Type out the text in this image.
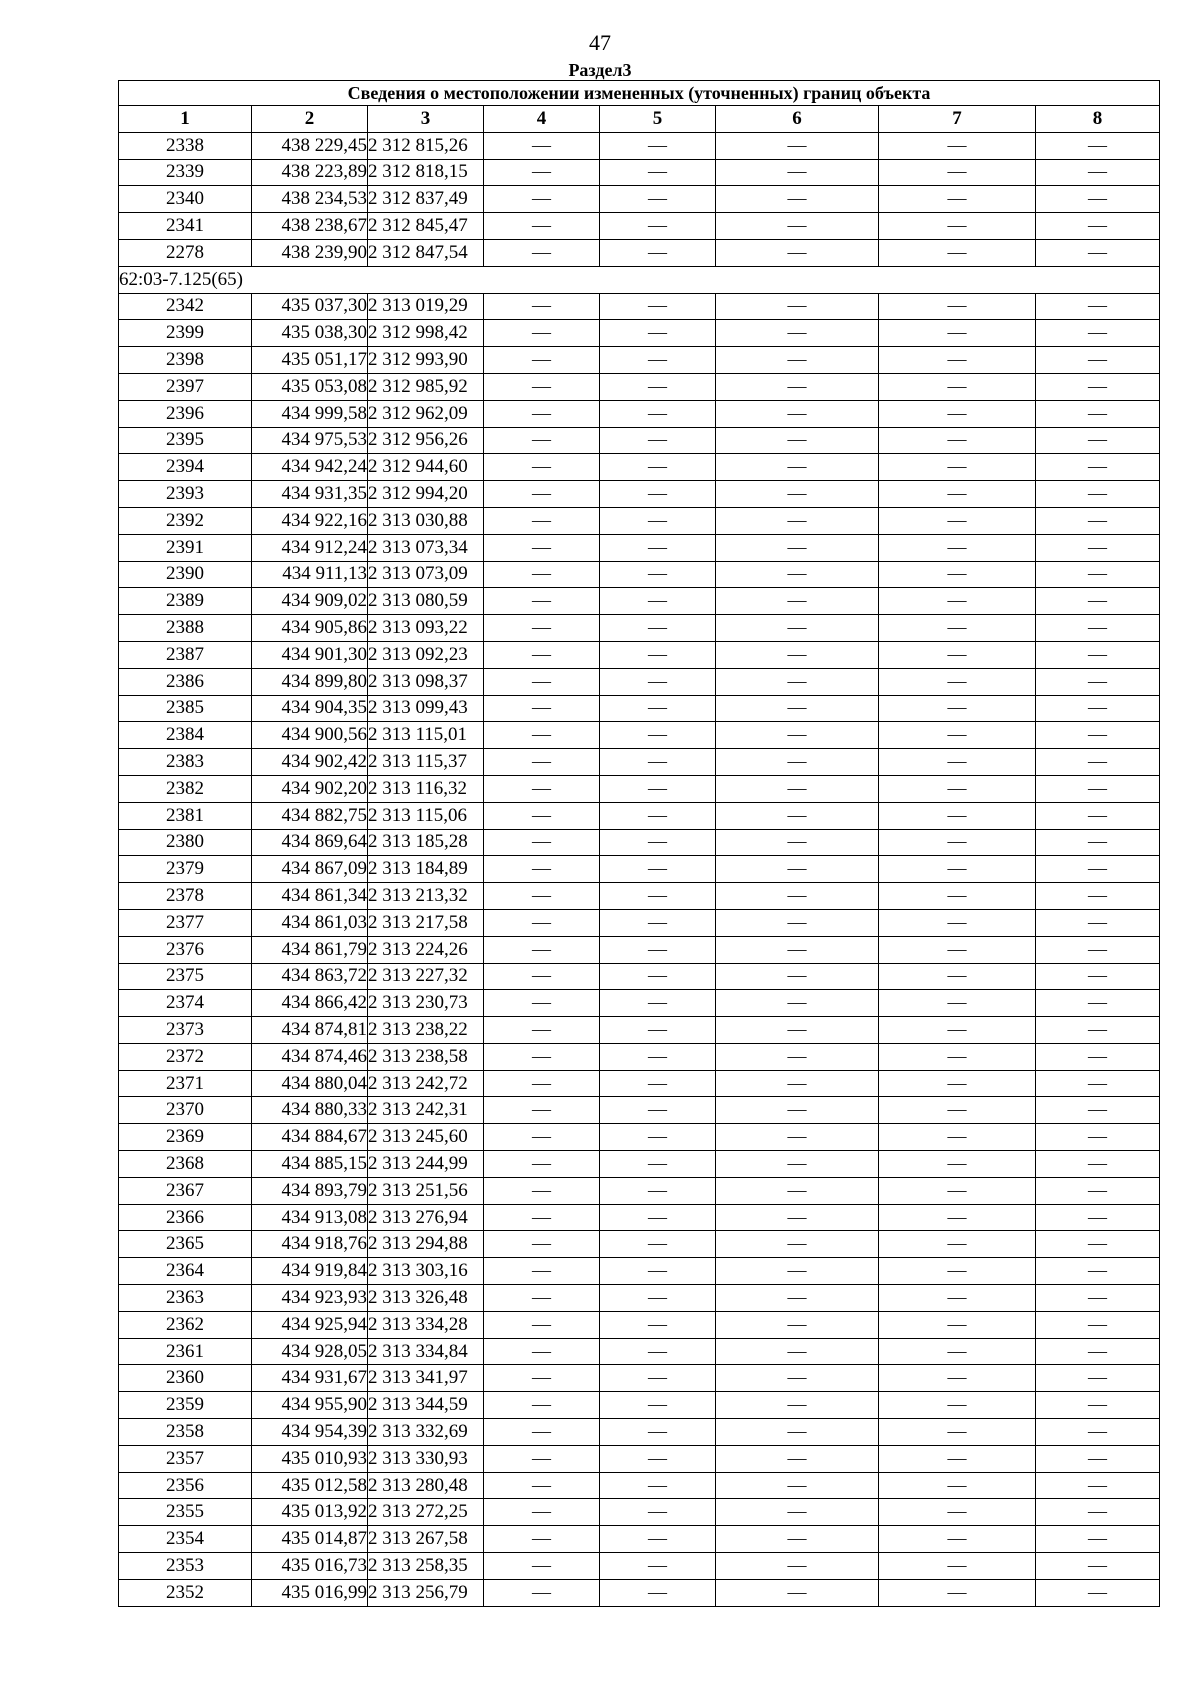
47
Раздел3
Сведения о местоположении измененных (уточненных) границ объекта							
1	2	3	4	5	6	7	8
2338	438 229,45	2 312 815,26	—	—	—	—	—
2339	438 223,89	2 312 818,15	—	—	—	—	—
2340	438 234,53	2 312 837,49	—	—	—	—	—
2341	438 238,67	2 312 845,47	—	—	—	—	—
2278	438 239,90	2 312 847,54	—	—	—	—	—
62:03-7.125(65)							
2342	435 037,30	2 313 019,29	—	—	—	—	—
2399	435 038,30	2 312 998,42	—	—	—	—	—
2398	435 051,17	2 312 993,90	—	—	—	—	—
2397	435 053,08	2 312 985,92	—	—	—	—	—
2396	434 999,58	2 312 962,09	—	—	—	—	—
2395	434 975,53	2 312 956,26	—	—	—	—	—
2394	434 942,24	2 312 944,60	—	—	—	—	—
2393	434 931,35	2 312 994,20	—	—	—	—	—
2392	434 922,16	2 313 030,88	—	—	—	—	—
2391	434 912,24	2 313 073,34	—	—	—	—	—
2390	434 911,13	2 313 073,09	—	—	—	—	—
2389	434 909,02	2 313 080,59	—	—	—	—	—
2388	434 905,86	2 313 093,22	—	—	—	—	—
2387	434 901,30	2 313 092,23	—	—	—	—	—
2386	434 899,80	2 313 098,37	—	—	—	—	—
2385	434 904,35	2 313 099,43	—	—	—	—	—
2384	434 900,56	2 313 115,01	—	—	—	—	—
2383	434 902,42	2 313 115,37	—	—	—	—	—
2382	434 902,20	2 313 116,32	—	—	—	—	—
2381	434 882,75	2 313 115,06	—	—	—	—	—
2380	434 869,64	2 313 185,28	—	—	—	—	—
2379	434 867,09	2 313 184,89	—	—	—	—	—
2378	434 861,34	2 313 213,32	—	—	—	—	—
2377	434 861,03	2 313 217,58	—	—	—	—	—
2376	434 861,79	2 313 224,26	—	—	—	—	—
2375	434 863,72	2 313 227,32	—	—	—	—	—
2374	434 866,42	2 313 230,73	—	—	—	—	—
2373	434 874,81	2 313 238,22	—	—	—	—	—
2372	434 874,46	2 313 238,58	—	—	—	—	—
2371	434 880,04	2 313 242,72	—	—	—	—	—
2370	434 880,33	2 313 242,31	—	—	—	—	—
2369	434 884,67	2 313 245,60	—	—	—	—	—
2368	434 885,15	2 313 244,99	—	—	—	—	—
2367	434 893,79	2 313 251,56	—	—	—	—	—
2366	434 913,08	2 313 276,94	—	—	—	—	—
2365	434 918,76	2 313 294,88	—	—	—	—	—
2364	434 919,84	2 313 303,16	—	—	—	—	—
2363	434 923,93	2 313 326,48	—	—	—	—	—
2362	434 925,94	2 313 334,28	—	—	—	—	—
2361	434 928,05	2 313 334,84	—	—	—	—	—
2360	434 931,67	2 313 341,97	—	—	—	—	—
2359	434 955,90	2 313 344,59	—	—	—	—	—
2358	434 954,39	2 313 332,69	—	—	—	—	—
2357	435 010,93	2 313 330,93	—	—	—	—	—
2356	435 012,58	2 313 280,48	—	—	—	—	—
2355	435 013,92	2 313 272,25	—	—	—	—	—
2354	435 014,87	2 313 267,58	—	—	—	—	—
2353	435 016,73	2 313 258,35	—	—	—	—	—
2352	435 016,99	2 313 256,79	—	—	—	—	—
